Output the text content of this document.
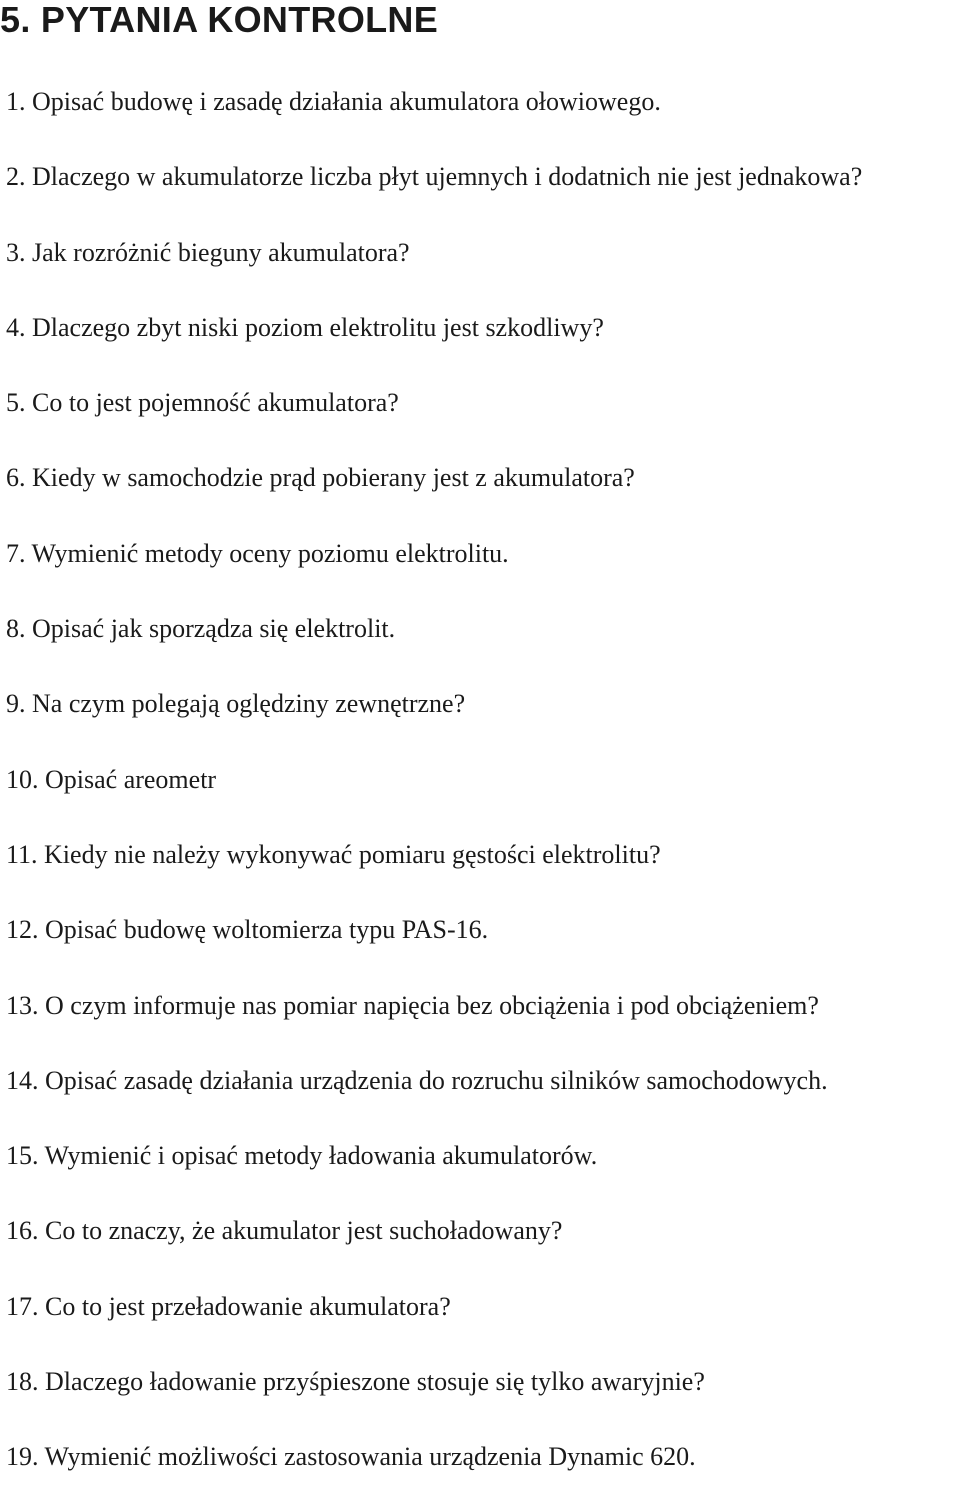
5. PYTANIA KONTROLNE
1. Opisać budowę i zasadę działania akumulatora ołowiowego.
2. Dlaczego w akumulatorze liczba płyt ujemnych i dodatnich nie jest jednakowa?
3. Jak rozróżnić bieguny akumulatora?
4. Dlaczego zbyt niski poziom elektrolitu jest szkodliwy?
5. Co to jest pojemność akumulatora?
6. Kiedy w samochodzie prąd pobierany jest z akumulatora?
7. Wymienić metody oceny poziomu elektrolitu.
8. Opisać jak sporządza się elektrolit.
9. Na czym polegają oględziny zewnętrzne?
10. Opisać areometr
11. Kiedy nie należy wykonywać pomiaru gęstości elektrolitu?
12. Opisać budowę woltomierza typu PAS-16.
13. O czym informuje nas pomiar napięcia bez obciążenia i pod obciążeniem?
14. Opisać zasadę działania urządzenia do rozruchu silników samochodowych.
15. Wymienić i opisać metody ładowania akumulatorów.
16. Co to znaczy, że akumulator jest suchoładowany?
17. Co to jest przeładowanie akumulatora?
18. Dlaczego ładowanie przyśpieszone stosuje się tylko awaryjnie?
19. Wymienić możliwości zastosowania urządzenia Dynamic 620.
